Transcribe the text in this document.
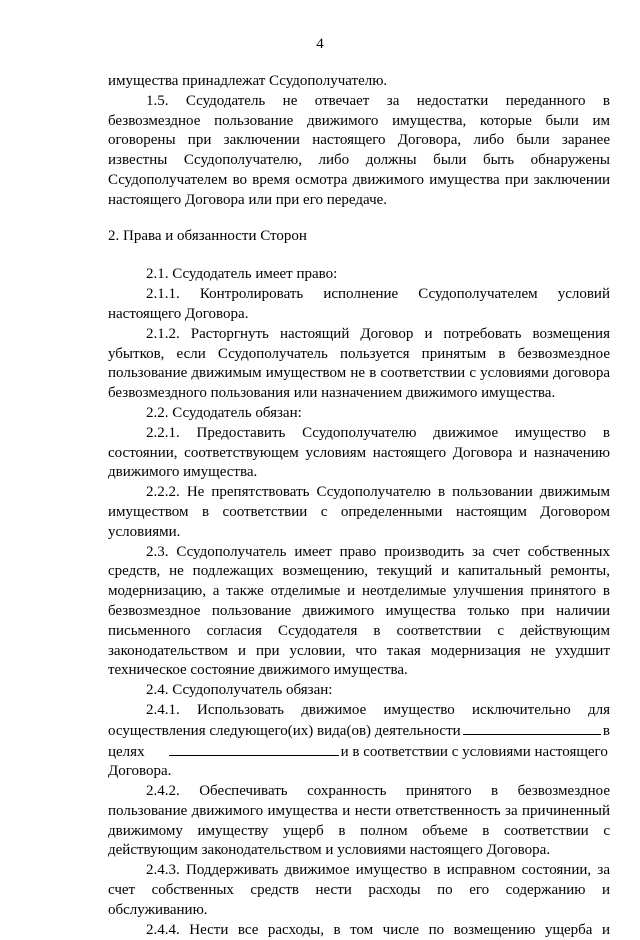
4

имущества принадлежат Ссудополучателю.

1.5. Ссудодатель не отвечает за недостатки переданного в безвозмездное пользование движимого имущества, которые были им оговорены при заключении настоящего Договора, либо были заранее известны Ссудополучателю, либо должны были быть обнаружены Ссудополучателем во время осмотра движимого имущества при заключении настоящего Договора или при его передаче.

2. Права и обязанности Сторон

2.1. Ссудодатель имеет право:

2.1.1. Контролировать исполнение Ссудополучателем условий настоящего Договора.

2.1.2. Расторгнуть настоящий Договор и потребовать возмещения убытков, если Ссудополучатель пользуется принятым в безвозмездное пользование движимым имуществом не в соответствии с условиями договора безвозмездного пользования или назначением движимого имущества.

2.2. Ссудодатель обязан:

2.2.1. Предоставить Ссудополучателю движимое имущество в состоянии, соответствующем условиям настоящего Договора и назначению движимого имущества.

2.2.2. Не препятствовать Ссудополучателю в пользовании движимым имуществом в соответствии с определенными настоящим Договором условиями.

2.3. Ссудополучатель имеет право производить за счет собственных средств, не подлежащих возмещению, текущий и капитальный ремонты, модернизацию, а также отделимые и неотделимые улучшения принятого в безвозмездное пользование движимого имущества только при наличии письменного согласия Ссудодателя в соответствии с действующим законодательством и при условии, что такая модернизация не ухудшит техническое состояние движимого имущества.

2.4. Ссудополучатель обязан:

2.4.1. Использовать движимое имущество исключительно для

осуществления следующего(их) вида(ов) деятельности	в
целях	и в соответствии с условиями настоящего

Договора.

2.4.2. Обеспечивать сохранность принятого в безвозмездное пользование движимого имущества и нести ответственность за причиненный движимому имуществу ущерб в полном объеме в соответствии с действующим законодательством и условиями настоящего Договора.

2.4.3. Поддерживать движимое имущество в исправном состоянии, за счет собственных средств нести расходы по его содержанию и обслуживанию.

2.4.4. Нести все расходы, в том числе по возмещению ущерба и
